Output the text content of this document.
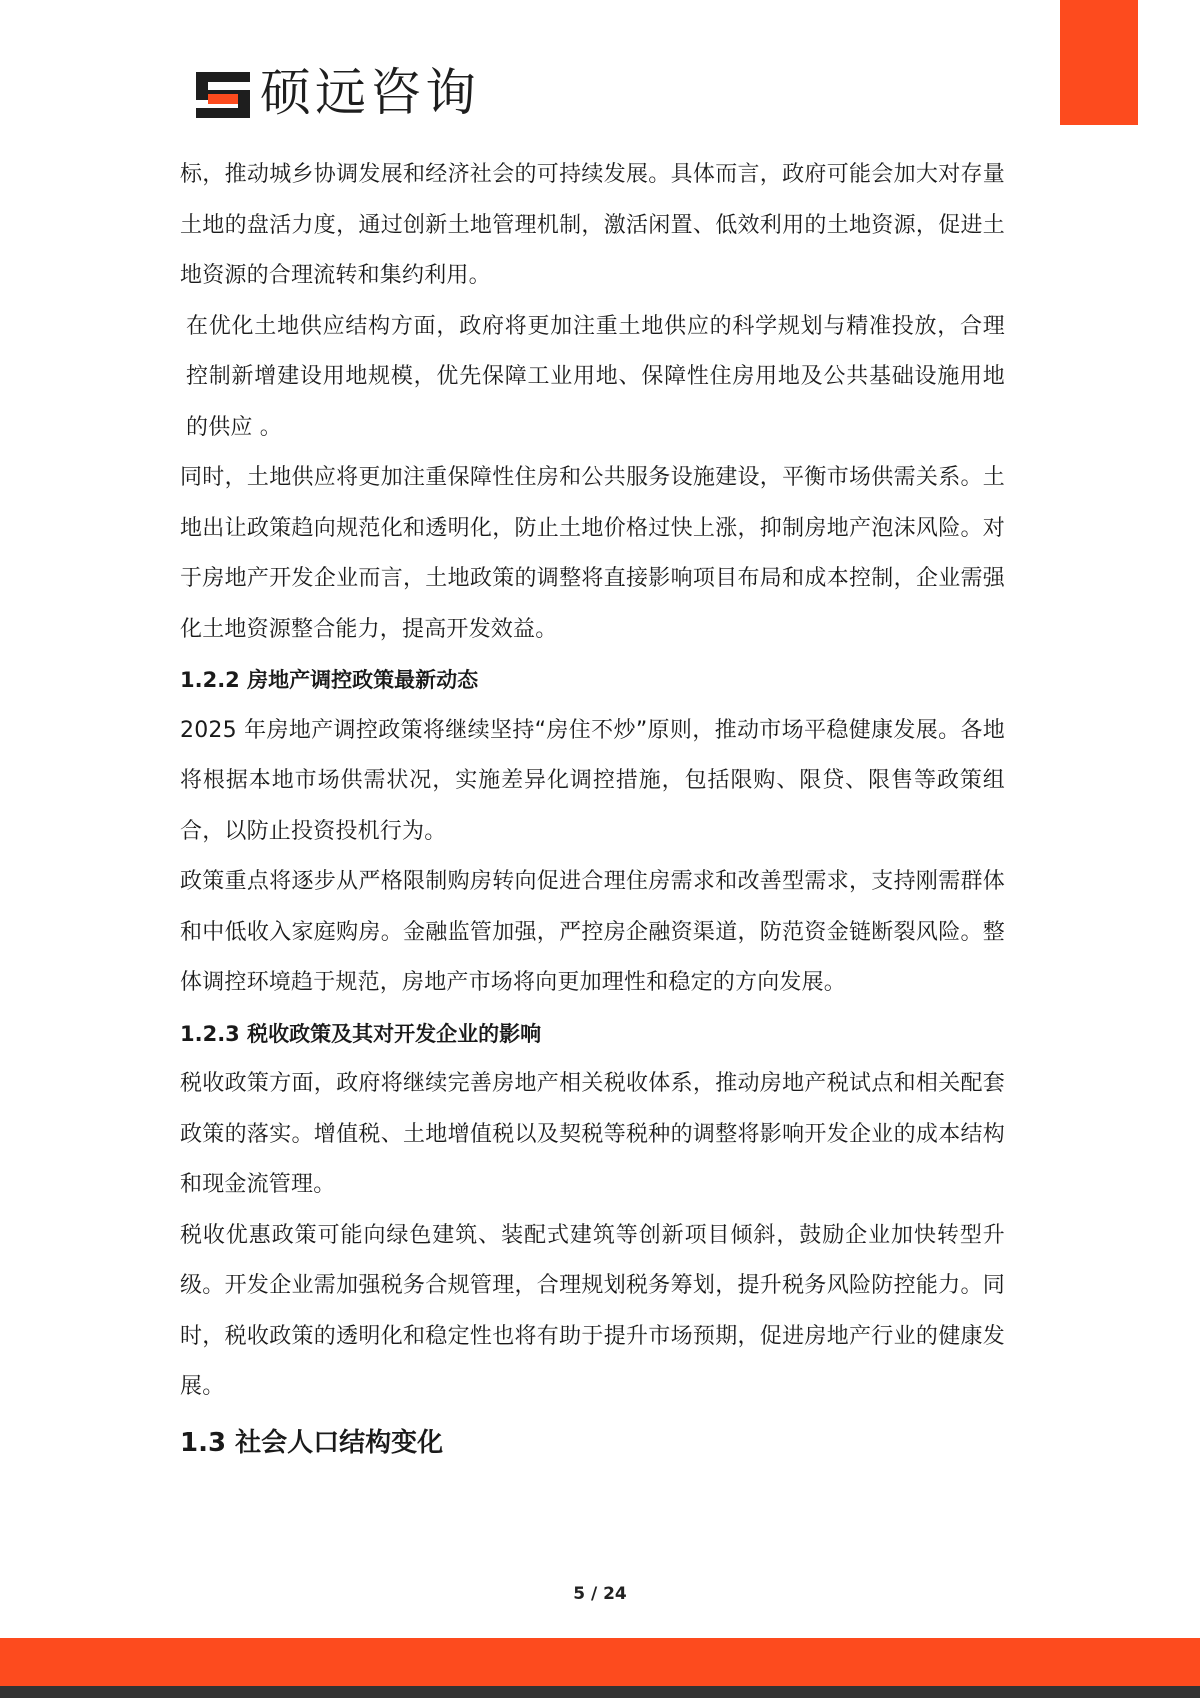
硕远咨询

标，推动城乡协调发展和经济社会的可持续发展。具体而言，政府可能会加大对存量土地的盘活力度，通过创新土地管理机制，激活闲置、低效利用的土地资源，促进土地资源的合理流转和集约利用。

在优化土地供应结构方面，政府将更加注重土地供应的科学规划与精准投放，合理控制新增建设用地规模，优先保障工业用地、保障性住房用地及公共基础设施用地的供应 。

同时，土地供应将更加注重保障性住房和公共服务设施建设，平衡市场供需关系。土地出让政策趋向规范化和透明化，防止土地价格过快上涨，抑制房地产泡沫风险。对于房地产开发企业而言，土地政策的调整将直接影响项目布局和成本控制，企业需强化土地资源整合能力，提高开发效益。

1.2.2 房地产调控政策最新动态

2025 年房地产调控政策将继续坚持“房住不炒”原则，推动市场平稳健康发展。各地将根据本地市场供需状况，实施差异化调控措施，包括限购、限贷、限售等政策组合，以防止投资投机行为。

政策重点将逐步从严格限制购房转向促进合理住房需求和改善型需求，支持刚需群体和中低收入家庭购房。金融监管加强，严控房企融资渠道，防范资金链断裂风险。整体调控环境趋于规范，房地产市场将向更加理性和稳定的方向发展。

1.2.3 税收政策及其对开发企业的影响

税收政策方面，政府将继续完善房地产相关税收体系，推动房地产税试点和相关配套政策的落实。增值税、土地增值税以及契税等税种的调整将影响开发企业的成本结构和现金流管理。

税收优惠政策可能向绿色建筑、装配式建筑等创新项目倾斜，鼓励企业加快转型升级。开发企业需加强税务合规管理，合理规划税务筹划，提升税务风险防控能力。同时，税收政策的透明化和稳定性也将有助于提升市场预期，促进房地产行业的健康发展。

1.3 社会人口结构变化
5 / 24
